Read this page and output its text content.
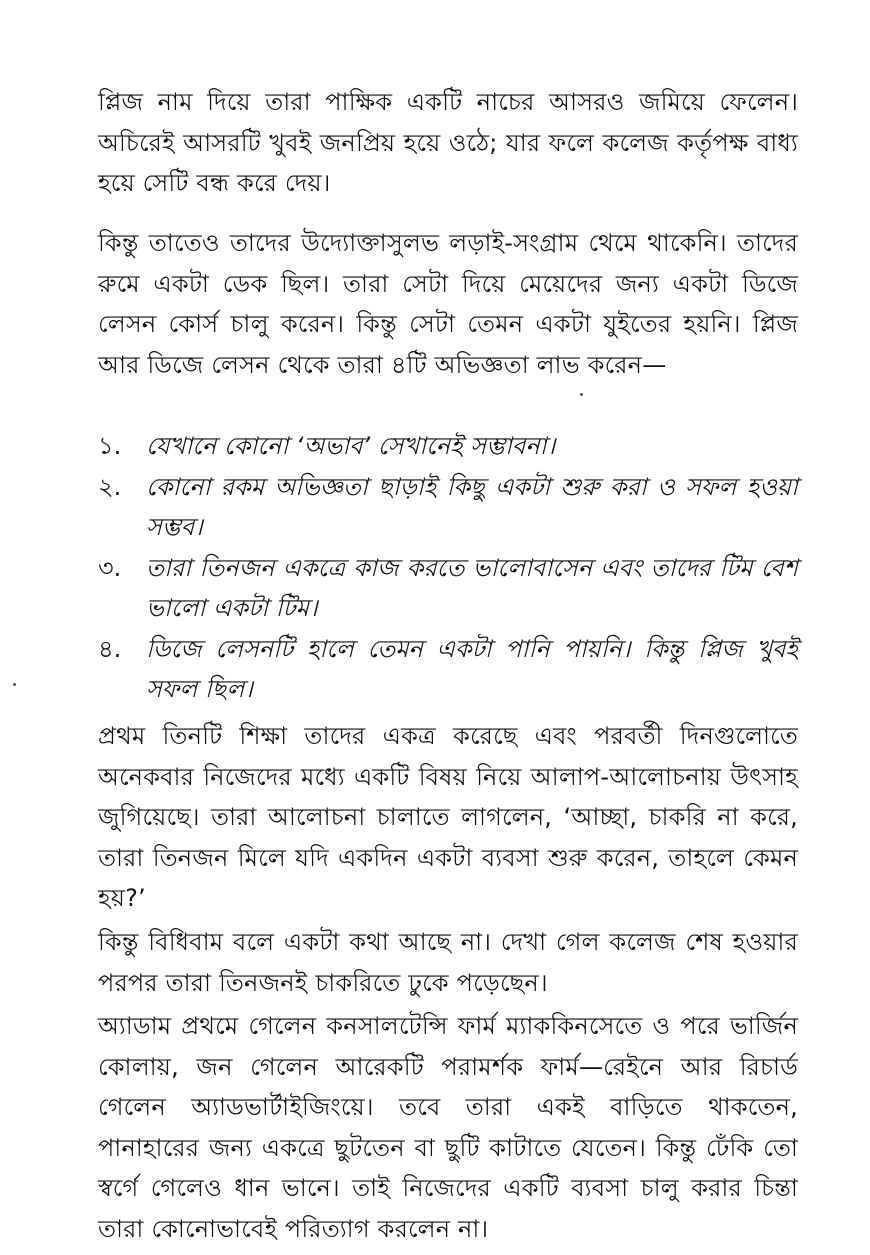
প্লিজ নাম দিয়ে তারা পাক্ষিক একটি নাচের আসরও জমিয়ে ফেলেন। অচিরেই আসরটি খুবই জনপ্রিয় হয়ে ওঠে; যার ফলে কলেজ কর্তৃপক্ষ বাধ্য হয়ে সেটি বন্ধ করে দেয়।

কিন্তু তাতেও তাদের উদ্যোক্তাসুলভ লড়াই-সংগ্রাম থেমে থাকেনি। তাদের রুমে একটা ডেক ছিল। তারা সেটা দিয়ে মেয়েদের জন্য একটা ডিজে লেসন কোর্স চালু করেন। কিন্তু সেটা তেমন একটা যুইতের হয়নি। প্লিজ আর ডিজে লেসন থেকে তারা ৪টি অভিজ্ঞতা লাভ করেন—

১.	যেখানে কোনো ‘অভাব’ সেখানেই সম্ভাবনা।
২.	কোনো রকম অভিজ্ঞতা ছাড়াই কিছু একটা শুরু করা ও সফল হওয়া সম্ভব।
৩.	তারা তিনজন একত্রে কাজ করতে ভালোবাসেন এবং তাদের টিম বেশ ভালো একটা টিম।
৪.	ডিজে লেসনটি হালে তেমন একটা পানি পায়নি। কিন্তু প্লিজ খুবই সফল ছিল।

প্রথম তিনটি শিক্ষা তাদের একত্র করেছে এবং পরবর্তী দিনগুলোতে অনেকবার নিজেদের মধ্যে একটি বিষয় নিয়ে আলাপ-আলোচনায় উৎসাহ জুগিয়েছে। তারা আলোচনা চালাতে লাগলেন, ‘আচ্ছা, চাকরি না করে, তারা তিনজন মিলে যদি একদিন একটা ব্যবসা শুরু করেন, তাহলে কেমন হয়?’

কিন্তু বিধিবাম বলে একটা কথা আছে না। দেখা গেল কলেজ শেষ হওয়ার পরপর তারা তিনজনই চাকরিতে ঢুকে পড়েছেন।

অ্যাডাম প্রথমে গেলেন কনসালটেন্সি ফার্ম ম্যাককিনসেতে ও পরে ভার্জিন কোলায়, জন গেলেন আরেকটি পরামর্শক ফার্ম—রেইনে আর রিচার্ড গেলেন অ্যাডভার্টাইজিংয়ে। তবে তারা একই বাড়িতে থাকতেন, পানাহারের জন্য একত্রে ছুটতেন বা ছুটি কাটাতে যেতেন। কিন্তু ঢেঁকি তো স্বর্গে গেলেও ধান ভানে। তাই নিজেদের একটি ব্যবসা চালু করার চিন্তা তারা কোনোভাবেই পরিত্যাগ করলেন না।
